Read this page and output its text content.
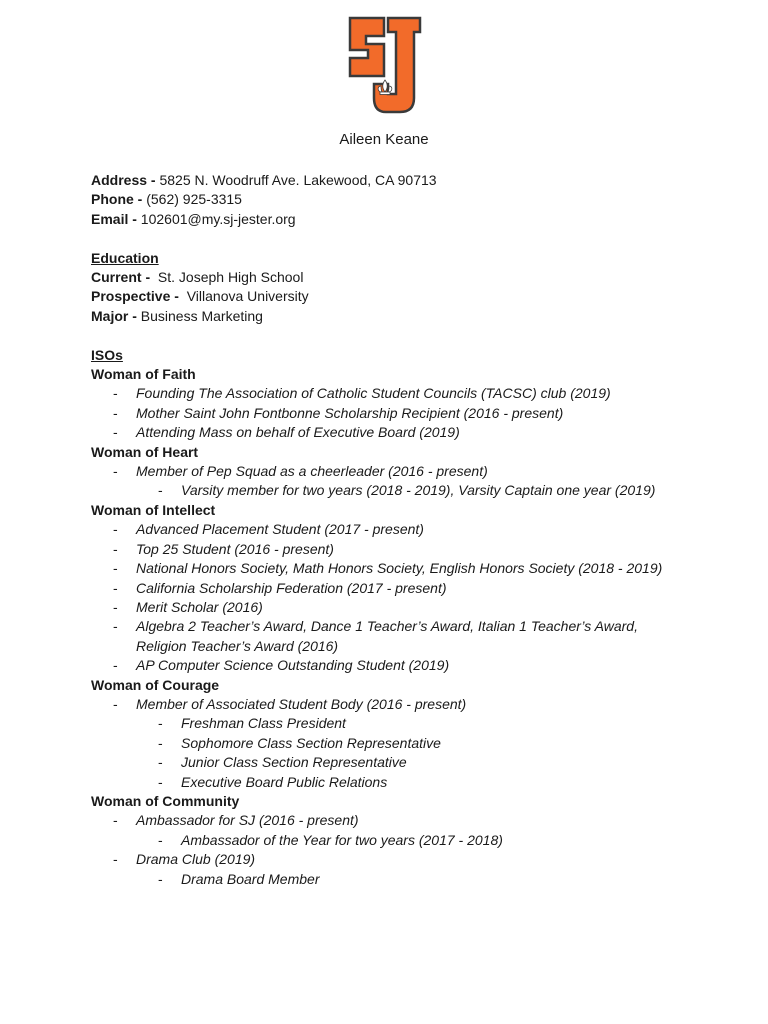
Aileen Keane
Address - 5825 N. Woodruff Ave. Lakewood, CA 90713
Phone - (562) 925-3315
Email - 102601@my.sj-jester.org
Education
Current - St. Joseph High School
Prospective - Villanova University
Major - Business Marketing
ISOs
Woman of Faith
- Founding The Association of Catholic Student Councils (TACSC) club (2019)
- Mother Saint John Fontbonne Scholarship Recipient (2016 - present)
- Attending Mass on behalf of Executive Board (2019)
Woman of Heart
- Member of Pep Squad as a cheerleader (2016 - present)
- Varsity member for two years (2018 - 2019), Varsity Captain one year (2019)
Woman of Intellect
- Advanced Placement Student (2017 - present)
- Top 25 Student (2016 - present)
- National Honors Society, Math Honors Society, English Honors Society (2018 - 2019)
- California Scholarship Federation (2017 - present)
- Merit Scholar (2016)
- Algebra 2 Teacher’s Award, Dance 1 Teacher’s Award, Italian 1 Teacher’s Award, Religion Teacher’s Award (2016)
- AP Computer Science Outstanding Student (2019)
Woman of Courage
- Member of Associated Student Body (2016 - present)
- Freshman Class President
- Sophomore Class Section Representative
- Junior Class Section Representative
- Executive Board Public Relations
Woman of Community
- Ambassador for SJ (2016 - present)
- Ambassador of the Year for two years (2017 - 2018)
- Drama Club (2019)
- Drama Board Member
